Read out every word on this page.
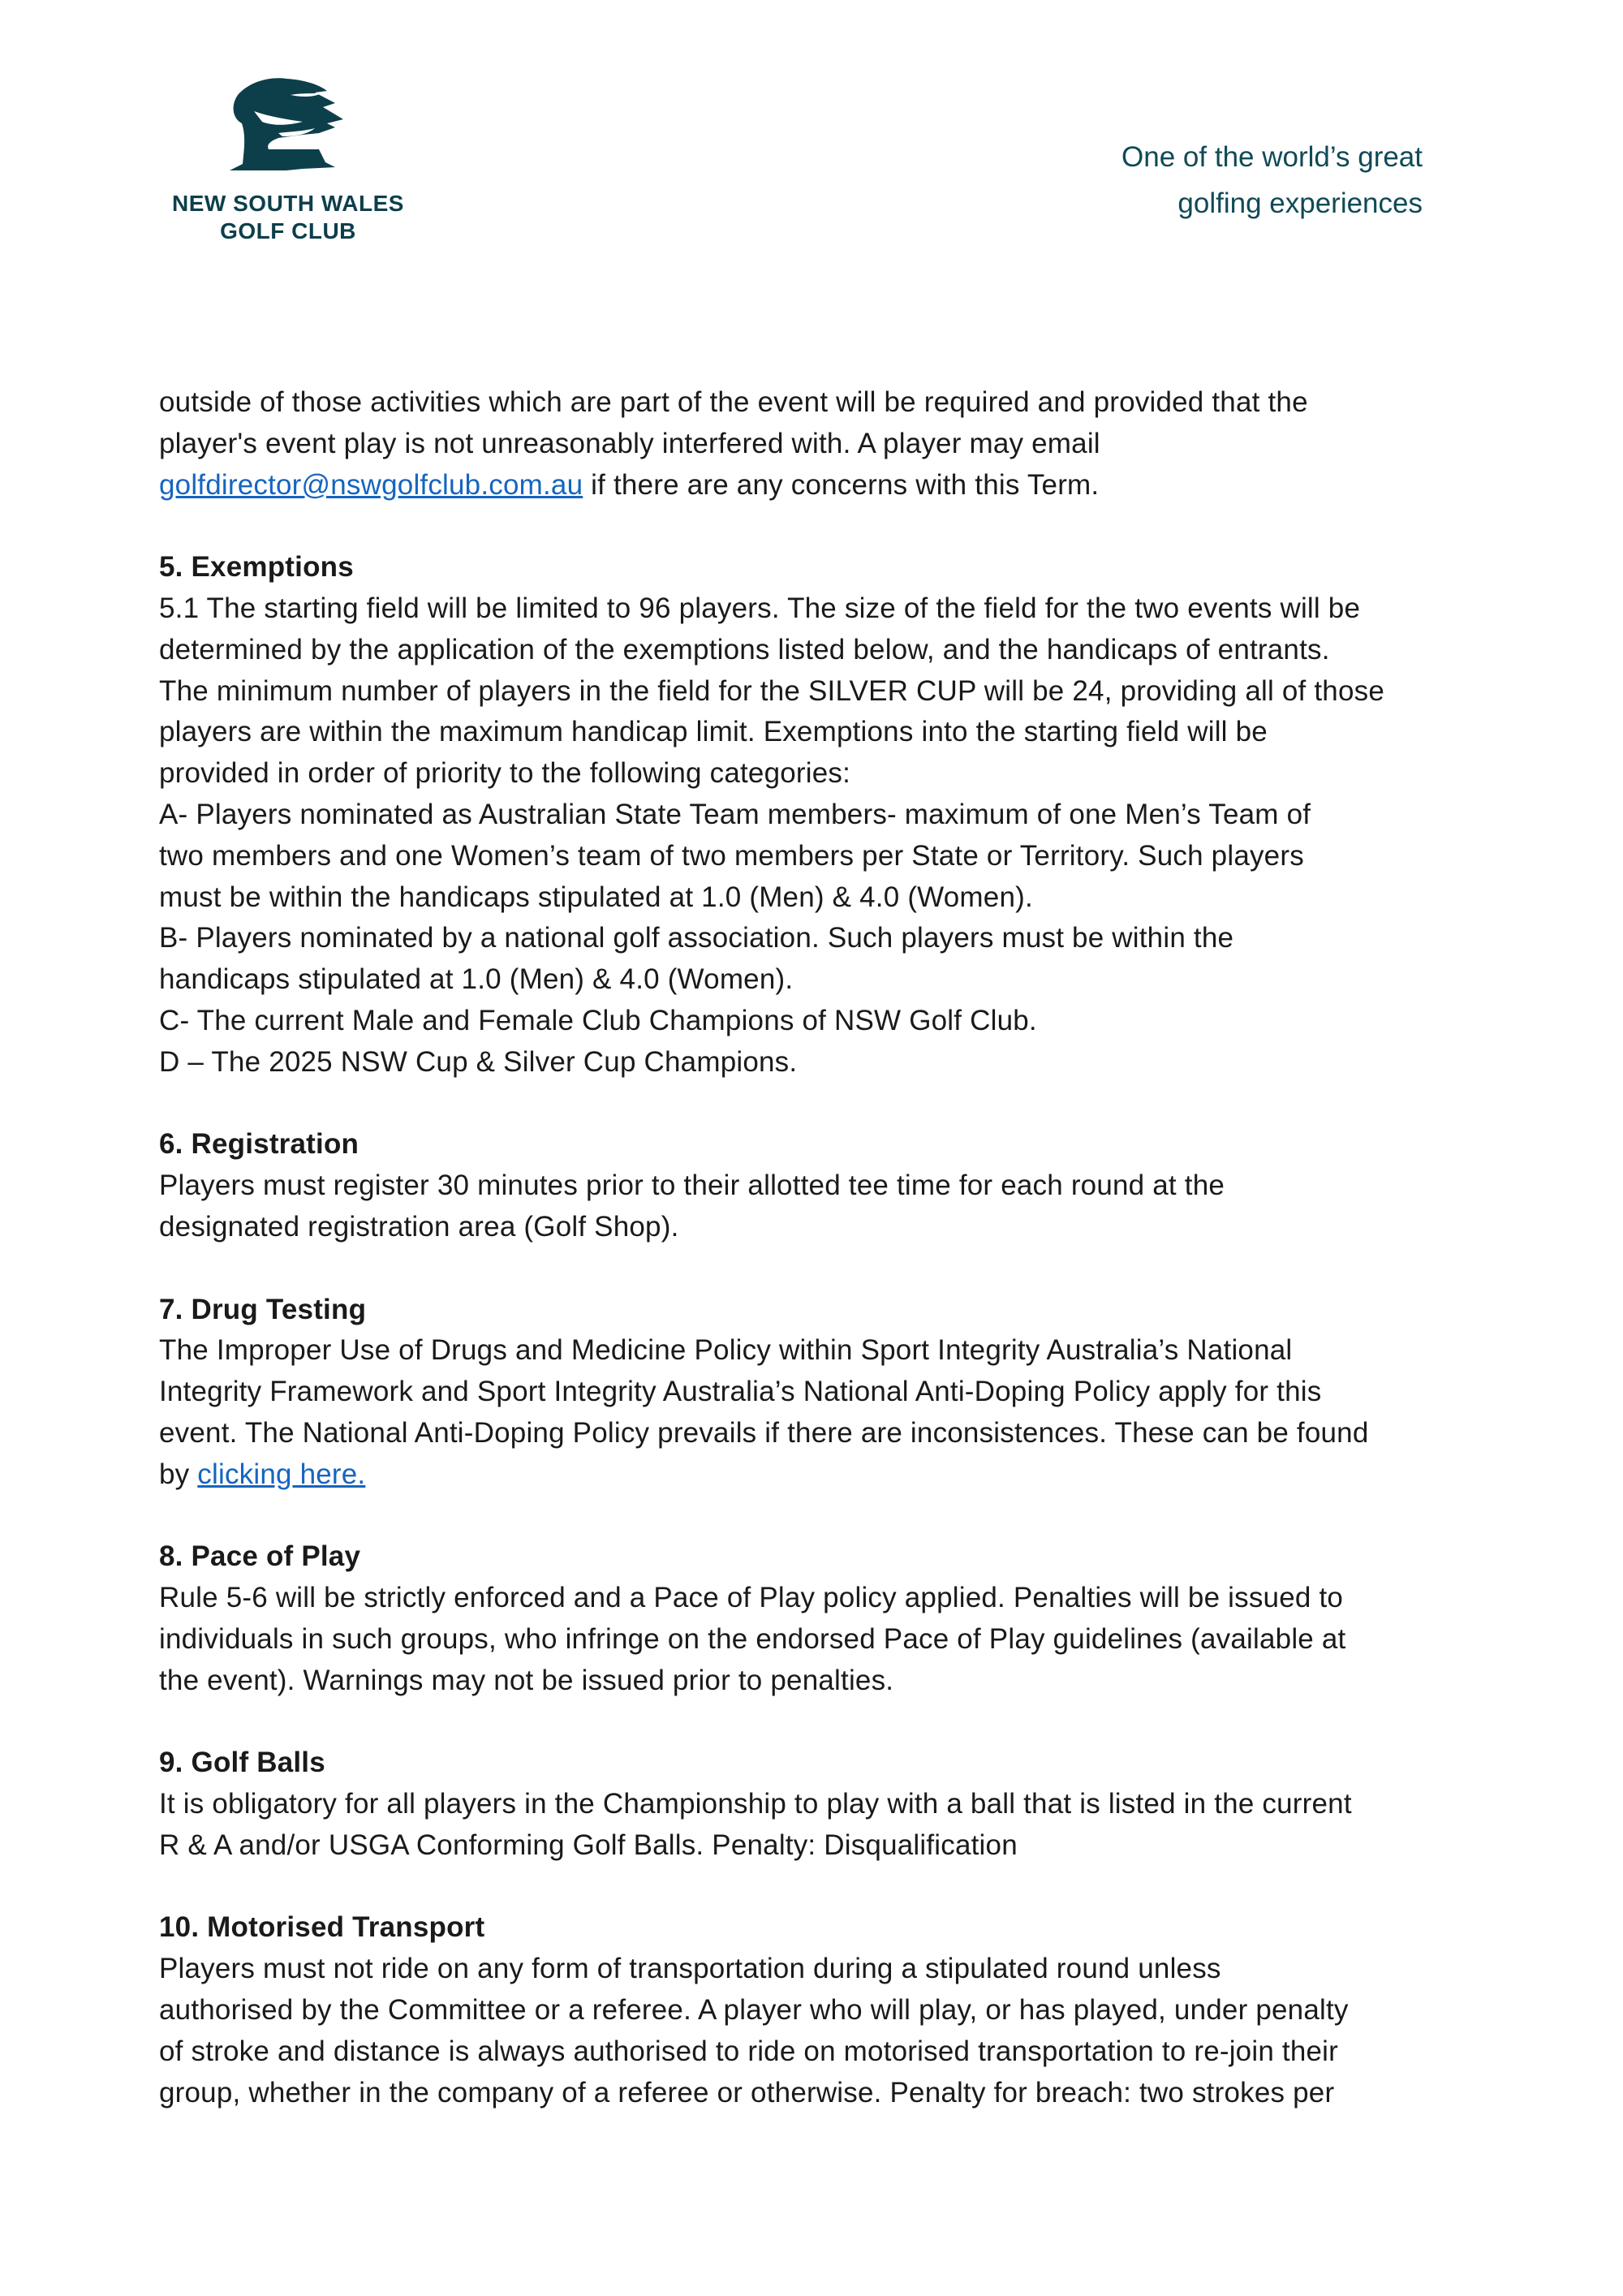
NEW SOUTH WALES
GOLF CLUB
One of the world’s great
golfing experiences
outside of those activities which are part of the event will be required and provided that the
player's event play is not unreasonably interfered with. A player may email
golfdirector@nswgolfclub.com.au if there are any concerns with this Term.
5. Exemptions
5.1 The starting field will be limited to 96 players. The size of the field for the two events will be
determined by the application of the exemptions listed below, and the handicaps of entrants.
The minimum number of players in the field for the SILVER CUP will be 24, providing all of those
players are within the maximum handicap limit. Exemptions into the starting field will be
provided in order of priority to the following categories:
A- Players nominated as Australian State Team members- maximum of one Men’s Team of
two members and one Women’s team of two members per State or Territory. Such players
must be within the handicaps stipulated at 1.0 (Men) & 4.0 (Women).
B- Players nominated by a national golf association. Such players must be within the
handicaps stipulated at 1.0 (Men) & 4.0 (Women).
C- The current Male and Female Club Champions of NSW Golf Club.
D – The 2025 NSW Cup & Silver Cup Champions.
6. Registration
Players must register 30 minutes prior to their allotted tee time for each round at the
designated registration area (Golf Shop).
7. Drug Testing
The Improper Use of Drugs and Medicine Policy within Sport Integrity Australia’s National
Integrity Framework and Sport Integrity Australia’s National Anti-Doping Policy apply for this
event. The National Anti-Doping Policy prevails if there are inconsistences. These can be found
by clicking here.
8. Pace of Play
Rule 5-6 will be strictly enforced and a Pace of Play policy applied. Penalties will be issued to
individuals in such groups, who infringe on the endorsed Pace of Play guidelines (available at
the event). Warnings may not be issued prior to penalties.
9. Golf Balls
It is obligatory for all players in the Championship to play with a ball that is listed in the current
R & A and/or USGA Conforming Golf Balls. Penalty: Disqualification
10. Motorised Transport
Players must not ride on any form of transportation during a stipulated round unless
authorised by the Committee or a referee. A player who will play, or has played, under penalty
of stroke and distance is always authorised to ride on motorised transportation to re-join their
group, whether in the company of a referee or otherwise. Penalty for breach: two strokes per
